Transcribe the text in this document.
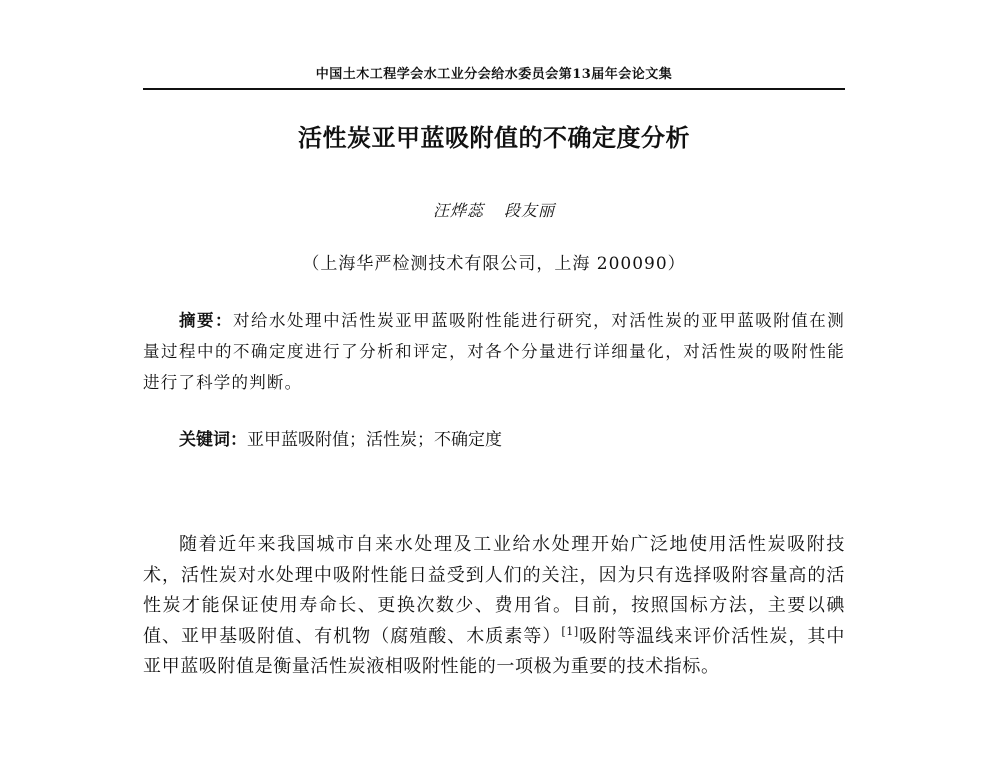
中国土木工程学会水工业分会给水委员会第13届年会论文集
活性炭亚甲蓝吸附值的不确定度分析
汪烨蕊 段友丽
（上海华严检测技术有限公司，上海 200090）

摘要：对给水处理中活性炭亚甲蓝吸附性能进行研究，对活性炭的亚甲蓝吸附值在测量过程中的不确定度进行了分析和评定，对各个分量进行详细量化，对活性炭的吸附性能进行了科学的判断。

关键词：亚甲蓝吸附值；活性炭；不确定度

随着近年来我国城市自来水处理及工业给水处理开始广泛地使用活性炭吸附技术，活性炭对水处理中吸附性能日益受到人们的关注，因为只有选择吸附容量高的活性炭才能保证使用寿命长、更换次数少、费用省。目前，按照国标方法，主要以碘值、亚甲基吸附值、有机物（腐殖酸、木质素等）[1]吸附等温线来评价活性炭，其中亚甲蓝吸附值是衡量活性炭液相吸附性能的一项极为重要的技术指标。
